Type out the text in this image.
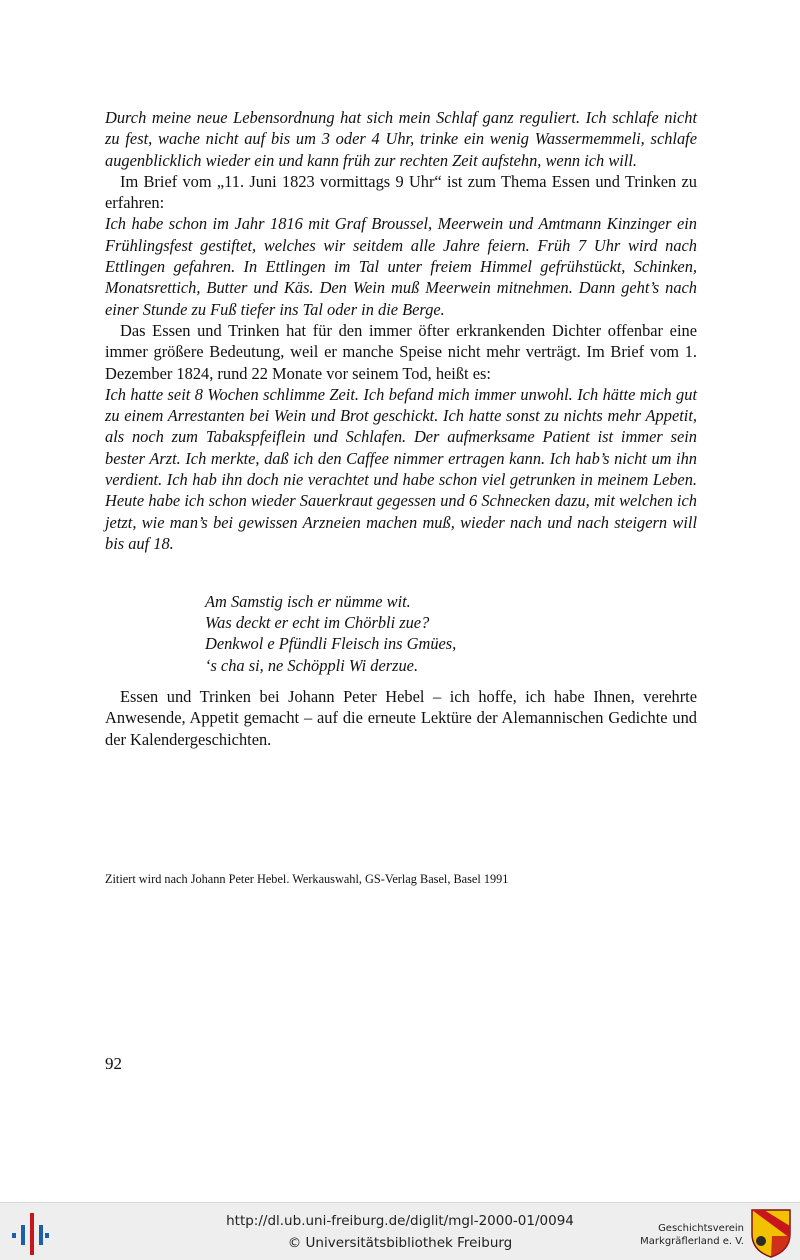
Durch meine neue Lebensordnung hat sich mein Schlaf ganz reguliert. Ich schlafe nicht zu fest, wache nicht auf bis um 3 oder 4 Uhr, trinke ein wenig Wassermemmeli, schlafe augenblicklich wieder ein und kann früh zur rechten Zeit aufstehn, wenn ich will.

Im Brief vom „11. Juni 1823 vormittags 9 Uhr“ ist zum Thema Essen und Trinken zu erfahren:

Ich habe schon im Jahr 1816 mit Graf Broussel, Meerwein und Amtmann Kinzinger ein Frühlingsfest gestiftet, welches wir seitdem alle Jahre feiern. Früh 7 Uhr wird nach Ettlingen gefahren. In Ettlingen im Tal unter freiem Himmel gefrühstückt, Schinken, Monatsrettich, Butter und Käs. Den Wein muß Meerwein mitnehmen. Dann geht’s nach einer Stunde zu Fuß tiefer ins Tal oder in die Berge.

Das Essen und Trinken hat für den immer öfter erkrankenden Dichter offenbar eine immer größere Bedeutung, weil er manche Speise nicht mehr verträgt. Im Brief vom 1. Dezember 1824, rund 22 Monate vor seinem Tod, heißt es:

Ich hatte seit 8 Wochen schlimme Zeit. Ich befand mich immer unwohl. Ich hätte mich gut zu einem Arrestanten bei Wein und Brot geschickt. Ich hatte sonst zu nichts mehr Appetit, als noch zum Tabakspfeiflein und Schlafen. Der aufmerksame Patient ist immer sein bester Arzt. Ich merkte, daß ich den Caffee nimmer ertragen kann. Ich hab’s nicht um ihn verdient. Ich hab ihn doch nie verachtet und habe schon viel getrunken in meinem Leben. Heute habe ich schon wieder Sauerkraut gegessen und 6 Schnecken dazu, mit welchen ich jetzt, wie man’s bei gewissen Arzneien machen muß, wieder nach und nach steigern will bis auf 18.

Am Samstig isch er nümme wit.
Was deckt er echt im Chörbli zue?
Denkwol e Pfündli Fleisch ins Gmües,
‘s cha si, ne Schöppli Wi derzue.

Essen und Trinken bei Johann Peter Hebel – ich hoffe, ich habe Ihnen, verehrte Anwesende, Appetit gemacht – auf die erneute Lektüre der Alemannischen Gedichte und der Kalendergeschichten.

Zitiert wird nach Johann Peter Hebel. Werkauswahl, GS-Verlag Basel, Basel 1991
92
http://dl.ub.uni-freiburg.de/diglit/mgl-2000-01/0094
© Universitätsbibliothek Freiburg
Geschichtsverein
Markgräflerland e. V.
